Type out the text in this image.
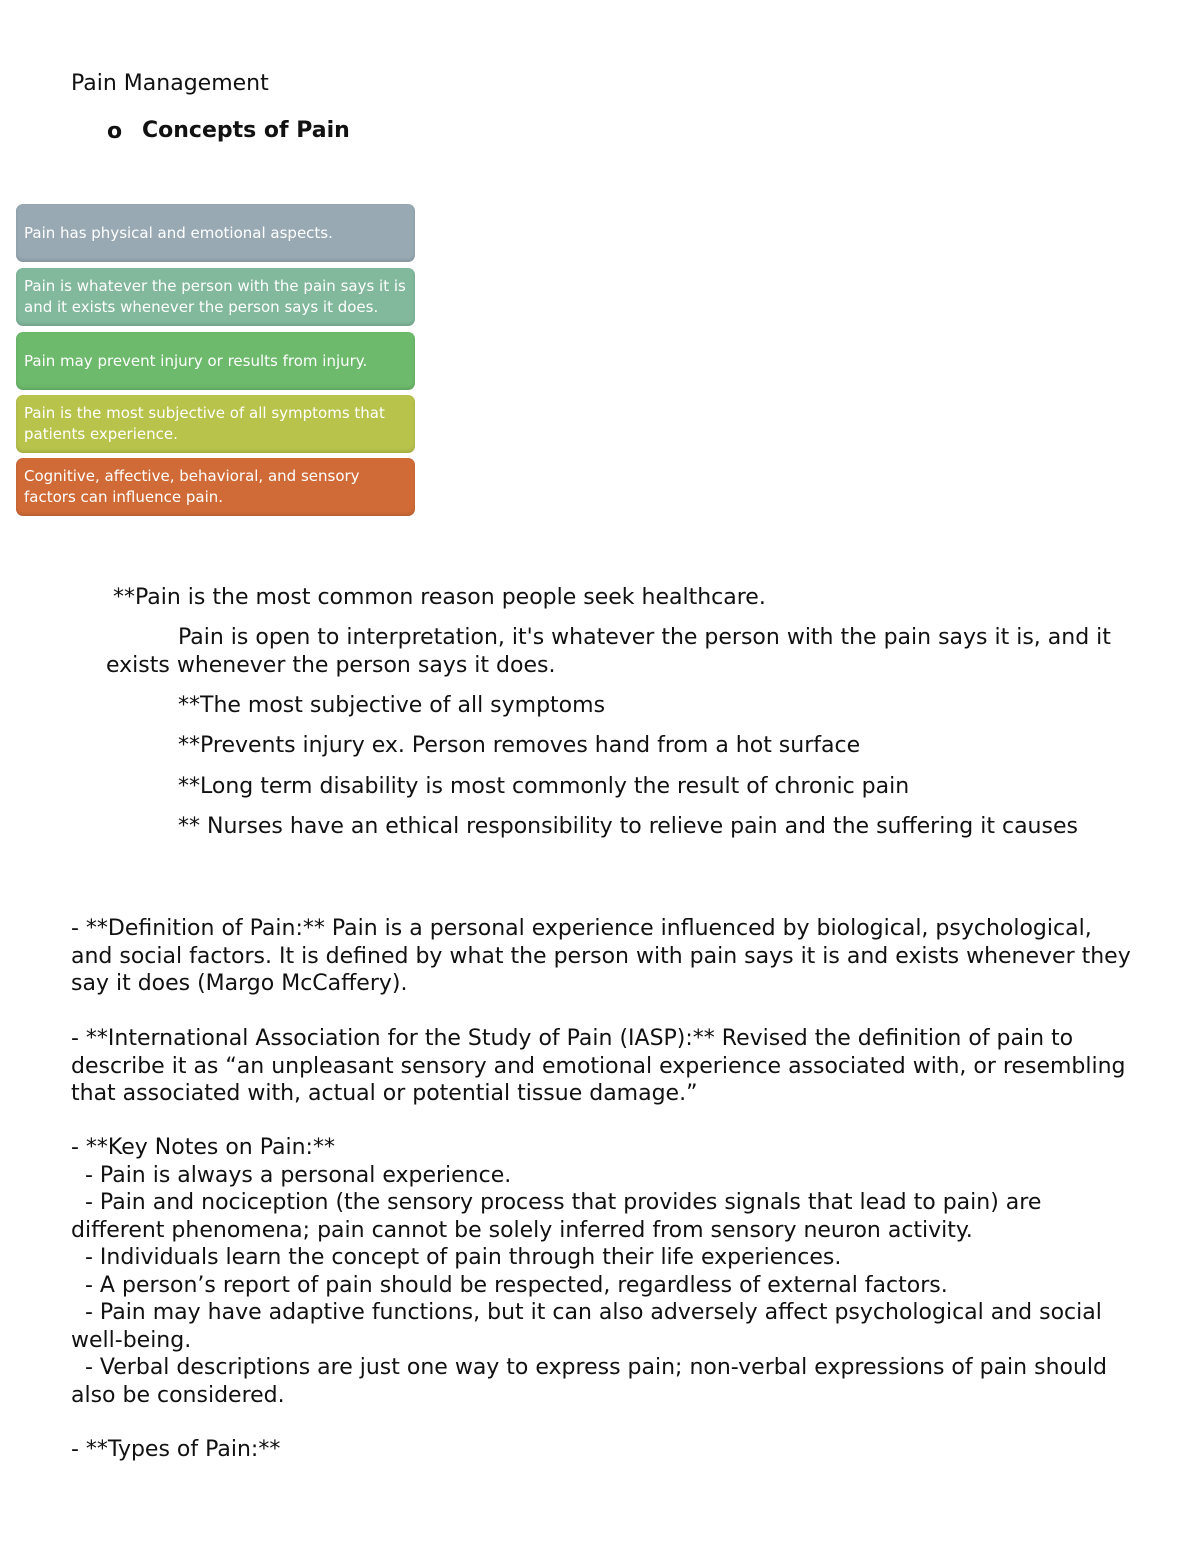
Pain Management
o Concepts of Pain
Pain has physical and emotional aspects.
Pain is whatever the person with the pain says it is and it exists whenever the person says it does.
Pain may prevent injury or results from injury.
Pain is the most subjective of all symptoms that patients experience.
Cognitive, affective, behavioral, and sensory factors can influence pain.
**Pain is the most common reason people seek healthcare.
Pain is open to interpretation, it's whatever the person with the pain says it is, and it exists whenever the person says it does.
**The most subjective of all symptoms
**Prevents injury ex. Person removes hand from a hot surface
**Long term disability is most commonly the result of chronic pain
** Nurses have an ethical responsibility to relieve pain and the suffering it causes
- **Definition of Pain:** Pain is a personal experience influenced by biological, psychological, and social factors. It is defined by what the person with pain says it is and exists whenever they say it does (Margo McCaffery).
- **International Association for the Study of Pain (IASP):** Revised the definition of pain to describe it as “an unpleasant sensory and emotional experience associated with, or resembling that associated with, actual or potential tissue damage.”
- **Key Notes on Pain:**
- Pain is always a personal experience.
- Pain and nociception (the sensory process that provides signals that lead to pain) are different phenomena; pain cannot be solely inferred from sensory neuron activity.
- Individuals learn the concept of pain through their life experiences.
- A person’s report of pain should be respected, regardless of external factors.
- Pain may have adaptive functions, but it can also adversely affect psychological and social well-being.
- Verbal descriptions are just one way to express pain; non-verbal expressions of pain should also be considered.
- **Types of Pain:**
